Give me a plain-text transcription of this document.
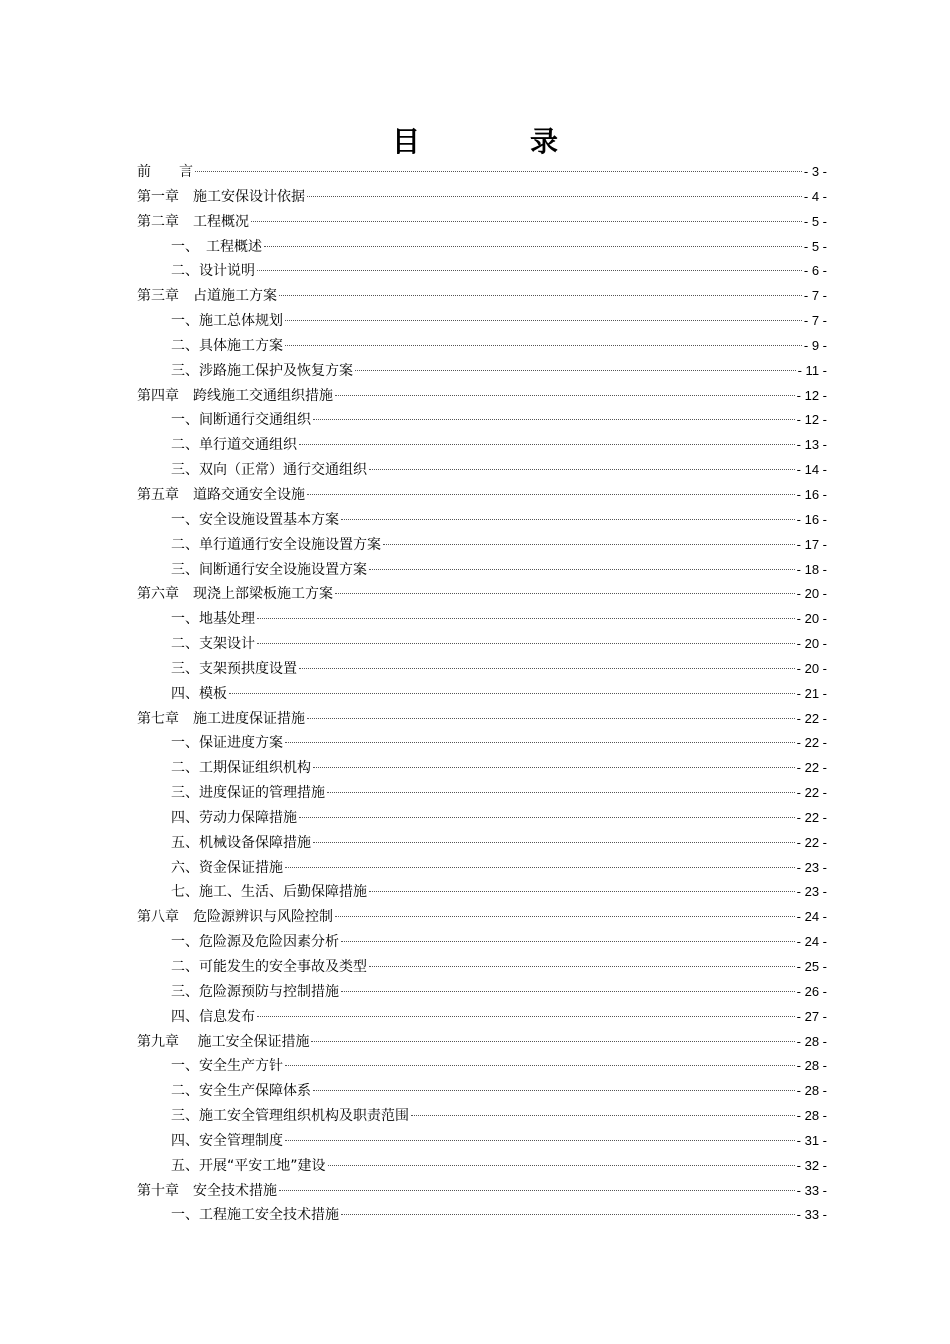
目	录
前　　言	- 3 -
第一章　施工安保设计依据	- 4 -
第二章　工程概况	- 5 -
一、　工程概述	- 5 -
二、设计说明	- 6 -
第三章　占道施工方案	- 7 -
一、施工总体规划	- 7 -
二、具体施工方案	- 9 -
三、涉路施工保护及恢复方案	- 11 -
第四章　跨线施工交通组织措施	- 12 -
一、间断通行交通组织	- 12 -
二、单行道交通组织	- 13 -
三、双向（正常）通行交通组织	- 14 -
第五章　道路交通安全设施	- 16 -
一、安全设施设置基本方案	- 16 -
二、单行道通行安全设施设置方案	- 17 -
三、间断通行安全设施设置方案	- 18 -
第六章　现浇上部梁板施工方案	- 20 -
一、地基处理	- 20 -
二、支架设计	- 20 -
三、支架预拱度设置	- 20 -
四、模板	- 21 -
第七章　施工进度保证措施	- 22 -
一、保证进度方案	- 22 -
二、工期保证组织机构	- 22 -
三、进度保证的管理措施	- 22 -
四、劳动力保障措施	- 22 -
五、机械设备保障措施	- 22 -
六、资金保证措施	- 23 -
七、施工、生活、后勤保障措施	- 23 -
第八章　危险源辨识与风险控制	- 24 -
一、危险源及危险因素分析	- 24 -
二、可能发生的安全事故及类型	- 25 -
三、危险源预防与控制措施	- 26 -
四、信息发布	- 27 -
第九章　 施工安全保证措施	- 28 -
一、安全生产方针	- 28 -
二、安全生产保障体系	- 28 -
三、施工安全管理组织机构及职责范围	- 28 -
四、安全管理制度	- 31 -
五、开展“平安工地”建设	- 32 -
第十章　安全技术措施	- 33 -
一、工程施工安全技术措施	- 33 -
